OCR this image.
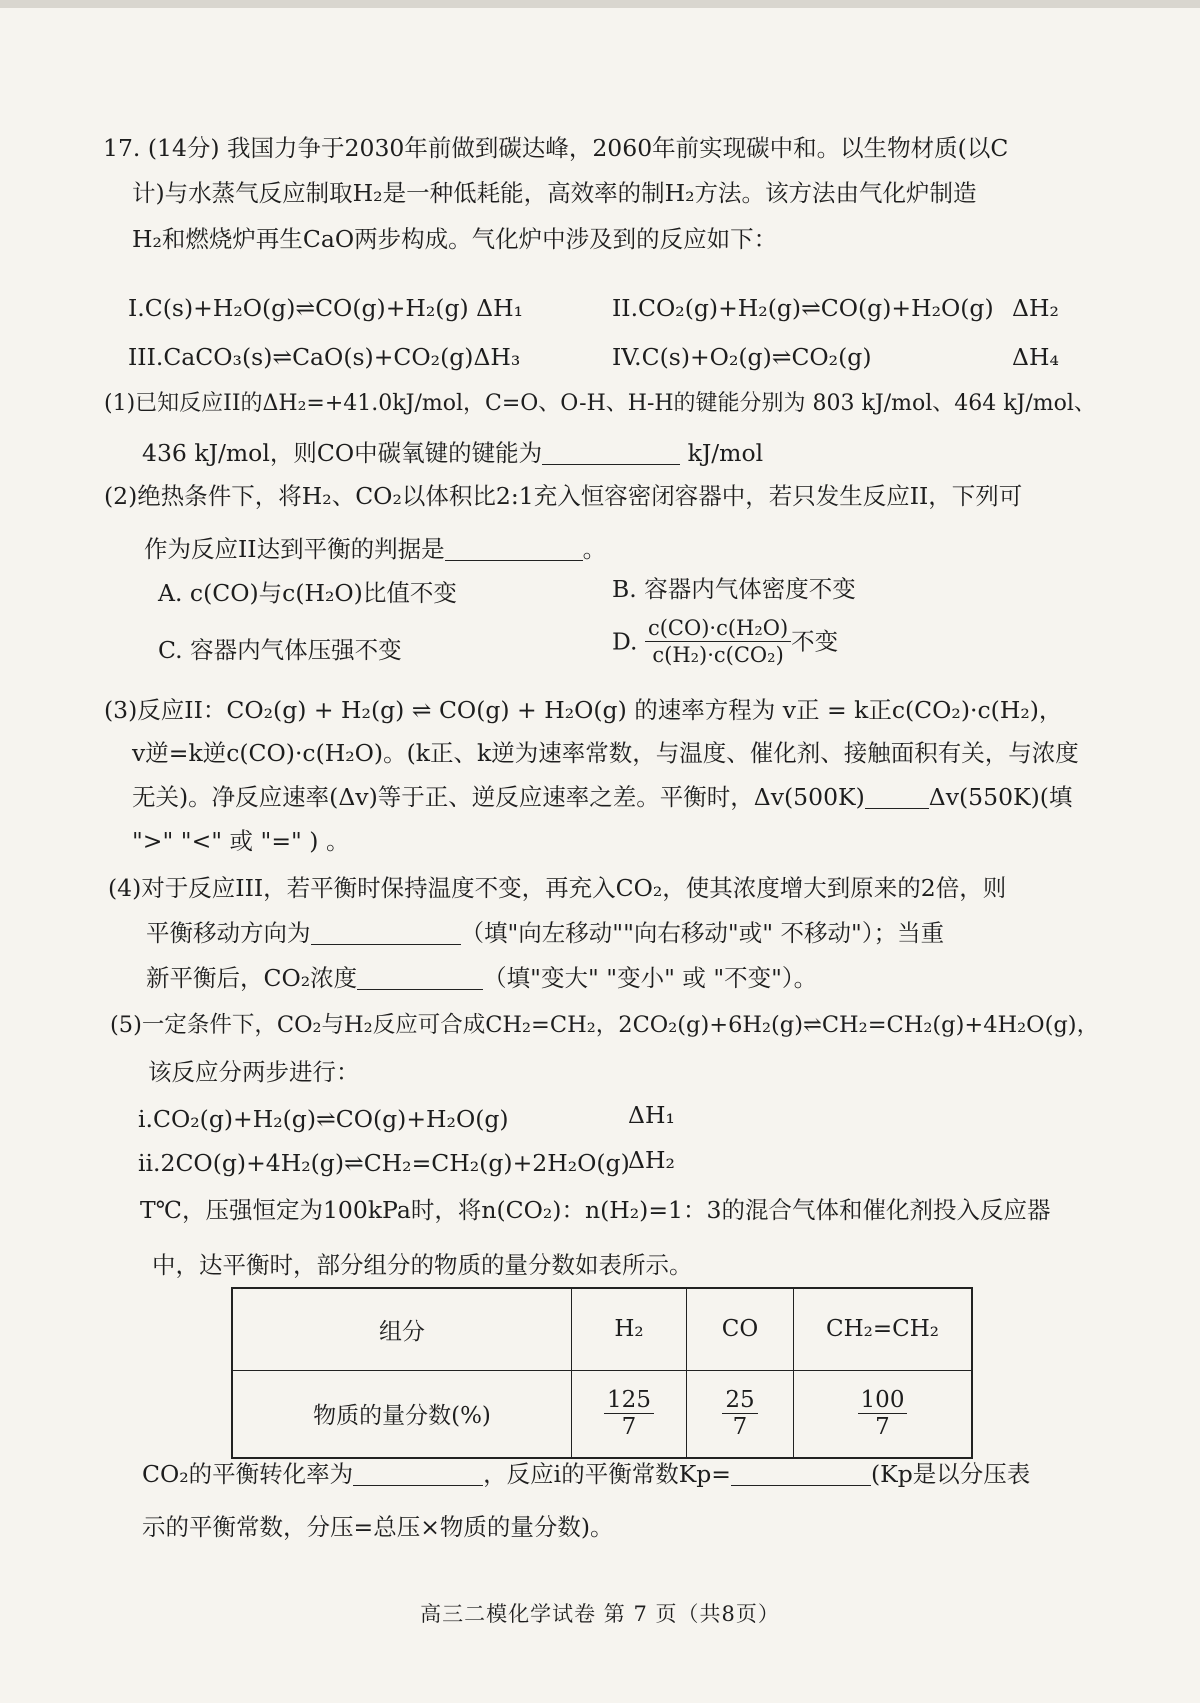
17. (14分) 我国力争于2030年前做到碳达峰，2060年前实现碳中和。以生物材质(以C
计)与水蒸气反应制取H₂是一种低耗能，高效率的制H₂方法。该方法由气化炉制造
H₂和燃烧炉再生CaO两步构成。气化炉中涉及到的反应如下：
I.C(s)+H₂O(g)⇌CO(g)+H₂(g) ΔH₁	II.CO₂(g)+H₂(g)⇌CO(g)+H₂O(g) ΔH₂
III.CaCO₃(s)⇌CaO(s)+CO₂(g)ΔH₃	IV.C(s)+O₂(g)⇌CO₂(g)	ΔH₄
(1)已知反应II的ΔH₂=+41.0kJ/mol，C=O、O-H、H-H的键能分别为 803 kJ/mol、464 kJ/mol、
436 kJ/mol，则CO中碳氧键的键能为	kJ/mol
(2)绝热条件下，将H₂、CO₂以体积比2:1充入恒容密闭容器中，若只发生反应II，下列可
作为反应II达到平衡的判据是	。
A. c(CO)与c(H₂O)比值不变	B. 容器内气体密度不变
C. 容器内气体压强不变	D. $\frac{\text{c(CO)·c(H₂O)}}{\text{c(H₂)·c(CO₂)}}$ 不变
(3)反应II：CO₂(g) + H₂(g) ⇌ CO(g) + H₂O(g) 的速率方程为 v正 = k正c(CO₂)·c(H₂)，
v逆=k逆c(CO)·c(H₂O)。(k正、k逆为速率常数，与温度、催化剂、接触面积有关，与浓度
无关)。净反应速率(Δv)等于正、逆反应速率之差。平衡时，Δv(500K)	Δv(550K)(填
">" "<" 或 "=" ) 。
(4)对于反应III，若平衡时保持温度不变，再充入CO₂，使其浓度增大到原来的2倍，则
平衡移动方向为	（填"向左移动""向右移动"或" 不移动"）；当重
新平衡后，CO₂浓度	（填"变大" "变小" 或 "不变"）。
(5)一定条件下，CO₂与H₂反应可合成CH₂=CH₂，2CO₂(g)+6H₂(g)⇌CH₂=CH₂(g)+4H₂O(g)，
该反应分两步进行：
i.CO₂(g)+H₂(g)⇌CO(g)+H₂O(g)	ΔH₁
ii.2CO(g)+4H₂(g)⇌CH₂=CH₂(g)+2H₂O(g)
ΔH₂
T℃，压强恒定为100kPa时，将n(CO₂)：n(H₂)=1：3的混合气体和催化剂投入反应器
中，达平衡时，部分组分的物质的量分数如表所示。
组分	H₂	CO	CH₂=CH₂
物质的量分数(%)	$\frac{125}{7}$	$\frac{25}{7}$	$\frac{100}{7}$
CO₂的平衡转化率为	，反应i的平衡常数Kp=	(Kp是以分压表
示的平衡常数，分压=总压×物质的量分数)。
高三二模化学试卷 第 7 页（共8页）
